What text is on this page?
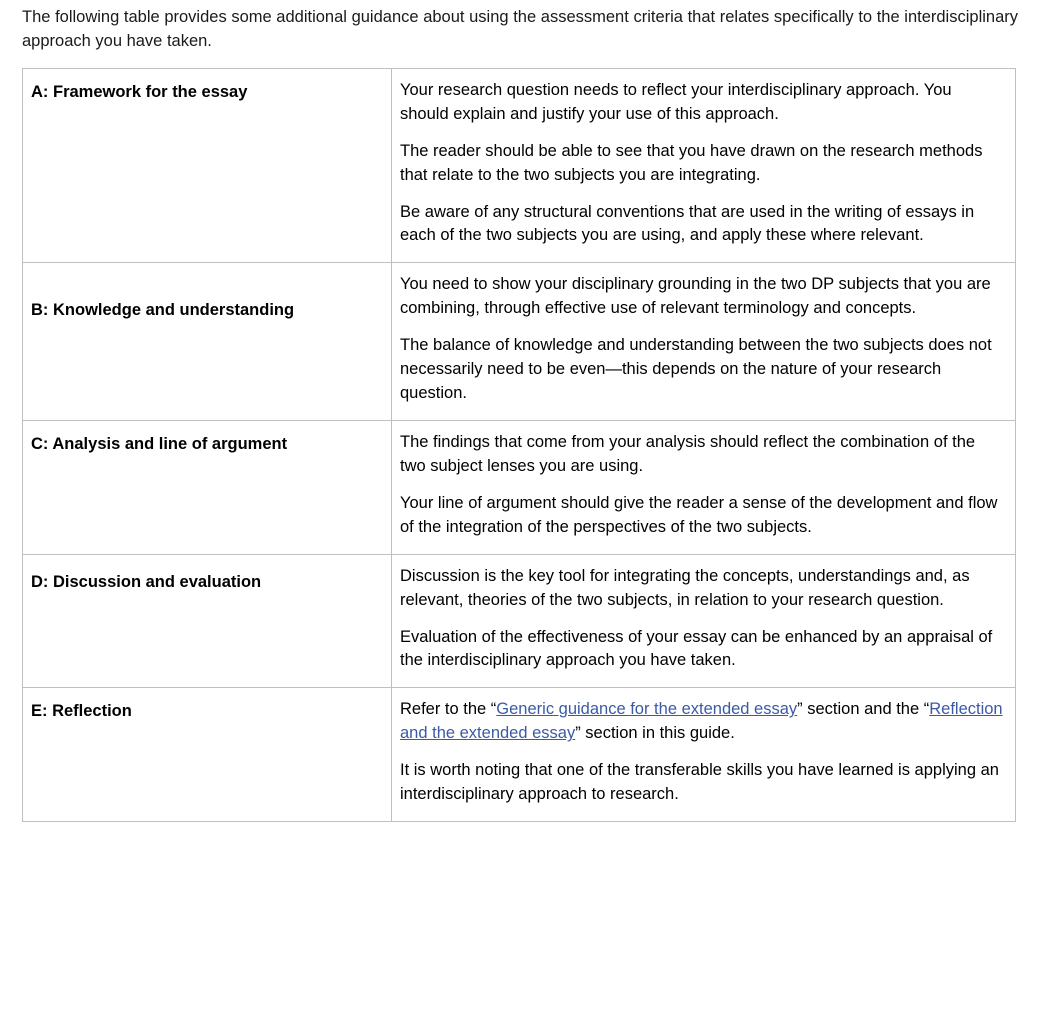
The following table provides some additional guidance about using the assessment criteria that relates specifically to the interdisciplinary approach you have taken.

A: Framework for the essay	Your research question needs to reflect your interdisciplinary approach. You should explain and justify your use of this approach.

The reader should be able to see that you have drawn on the research methods that relate to the two subjects you are integrating.

Be aware of any structural conventions that are used in the writing of essays in each of the two subjects you are using, and apply these where relevant.

B: Knowledge and understanding	You need to show your disciplinary grounding in the two DP subjects that you are combining, through effective use of relevant terminology and concepts.

The balance of knowledge and understanding between the two subjects does not necessarily need to be even—this depends on the nature of your research question.

C: Analysis and line of argument	The findings that come from your analysis should reflect the combination of the two subject lenses you are using.

Your line of argument should give the reader a sense of the development and flow of the integration of the perspectives of the two subjects.

D: Discussion and evaluation	Discussion is the key tool for integrating the concepts, understandings and, as relevant, theories of the two subjects, in relation to your research question.

Evaluation of the effectiveness of your essay can be enhanced by an appraisal of the interdisciplinary approach you have taken.

E: Reflection	Refer to the “Generic guidance for the extended essay” section and the “Reflection and the extended essay” section in this guide.

It is worth noting that one of the transferable skills you have learned is applying an interdisciplinary approach to research.
